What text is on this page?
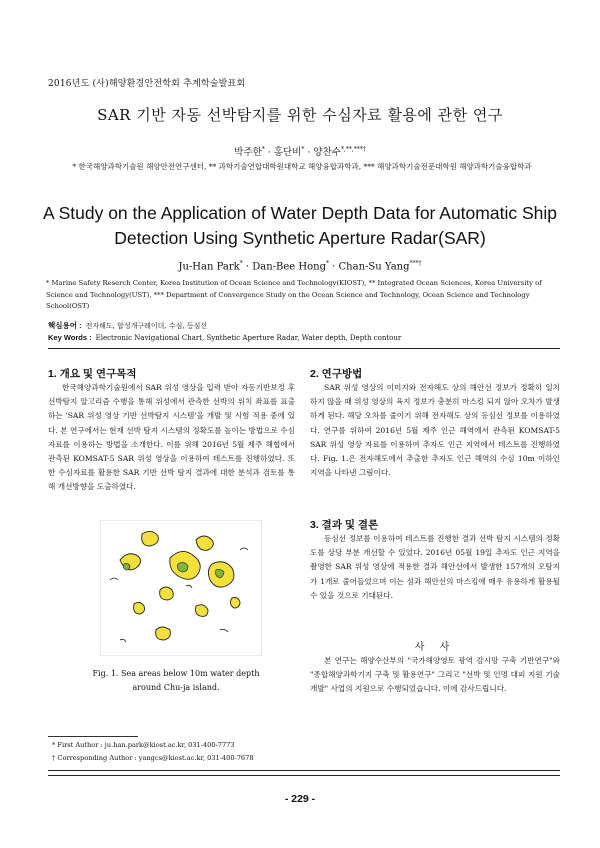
2016년도 (사)해양환경안전학회 추계학술발표회
SAR 기반 자동 선박탐지를 위한 수심자료 활용에 관한 연구
박주한* · 홍단비* · 양찬수*,**,***†
* 한국해양과학기술원 해양안전연구센터, ** 과학기술연합대학원대학교 해양융합과학과, *** 해양과학기술전문대학원 해양과학기술융합학과
A Study on the Application of Water Depth Data for Automatic Ship Detection Using Synthetic Aperture Radar(SAR)
Ju-Han Park* · Dan-Bee Hong* · Chan-Su Yang***†
* Marine Safety Reserch Center, Korea Institution of Ocean Science and Technology(KIOST), ** Integrated Ocean Sciences, Korea University of Science and Technology(UST), *** Department of Convergence Study on the Ocean Science and Technology, Ocean Science and Technology School(OST)
핵심용어 : 전자해도, 합성개구레이더, 수심, 등심선
Key Words : Electronic Navigational Chart, Synthetic Aperture Radar, Water depth, Depth contour
1. 개요 및 연구목적
한국해양과학기술원에서 SAR 위성 영상을 입력 받아 자동기반보정 후 선박탐지 알고리즘 수행을 통해 위성에서 관측한 선박의 위치 좌표를 표출하는 'SAR 위성 영상 기반 선박탐지 시스템'을 개발 및 시험 적용 중에 있다. 본 연구에서는 현재 선박 탐지 시스템의 정확도를 높이는 방법으로 수심자료를 이용하는 방법을 소개한다. 이를 위해 2016년 5월 제주 해협에서 관측된 KOMSAT-5 SAR 위성 영상을 이용하여 테스트를 진행하였다. 또한 수심자료를 활용한 SAR 기반 선박 탐지 결과에 대한 분석과 검토를 통해 개선방향을 도출하였다.
Fig. 1. Sea areas below 10m water depth
around Chu-ja island.
2. 연구방법
SAR 위성 영상의 이미지와 전자해도 상의 해안선 정보가 정확히 일치하지 않을 때 위성 영상의 육지 정보가 충분히 마스킹 되지 않아 오차가 발생하게 된다. 해당 오차를 줄이기 위해 전자해도 상의 등심선 정보를 이용하였다. 연구를 위하여 2016년 5월 제주 인근 해역에서 관측된 KOMSAT-5 SAR 위성 영상 자료를 이용하여 추자도 인근 지역에서 테스트를 진행하였다. Fig. 1.은 전자해도에서 추출한 추자도 인근 해역의 수심 10m 이하인 지역을 나타낸 그림이다.
3. 결과 및 결론
등심선 정보를 이용하여 테스트를 진행한 결과 선박 탐지 시스템의 정확도를 상당 부분 개선할 수 있었다. 2016년 05월 19일 추자도 인근 지역을 촬영한 SAR 위성 영상에 적용한 결과 해안선에서 발생한 157개의 오탐지가 1개로 줄어들었으며 이는 섬과 해안선의 마스킹에 매우 유용하게 활용될 수 있을 것으로 기대된다.
사 사
본 연구는 해양수산부의 "국가해양영토 광역 감시망 구축 기반연구"와 "종합해양과학기지 구축 및 활용연구" 그리고 "선박 및 인명 대피 지원 기술 개발" 사업의 지원으로 수행되었습니다. 이에 감사드립니다.
* First Author : ju.han.park@kiost.ac.kr, 031-400-7773
† Corresponding Author : yangcs@kiost.ac.kr, 031-400-7678
- 229 -
